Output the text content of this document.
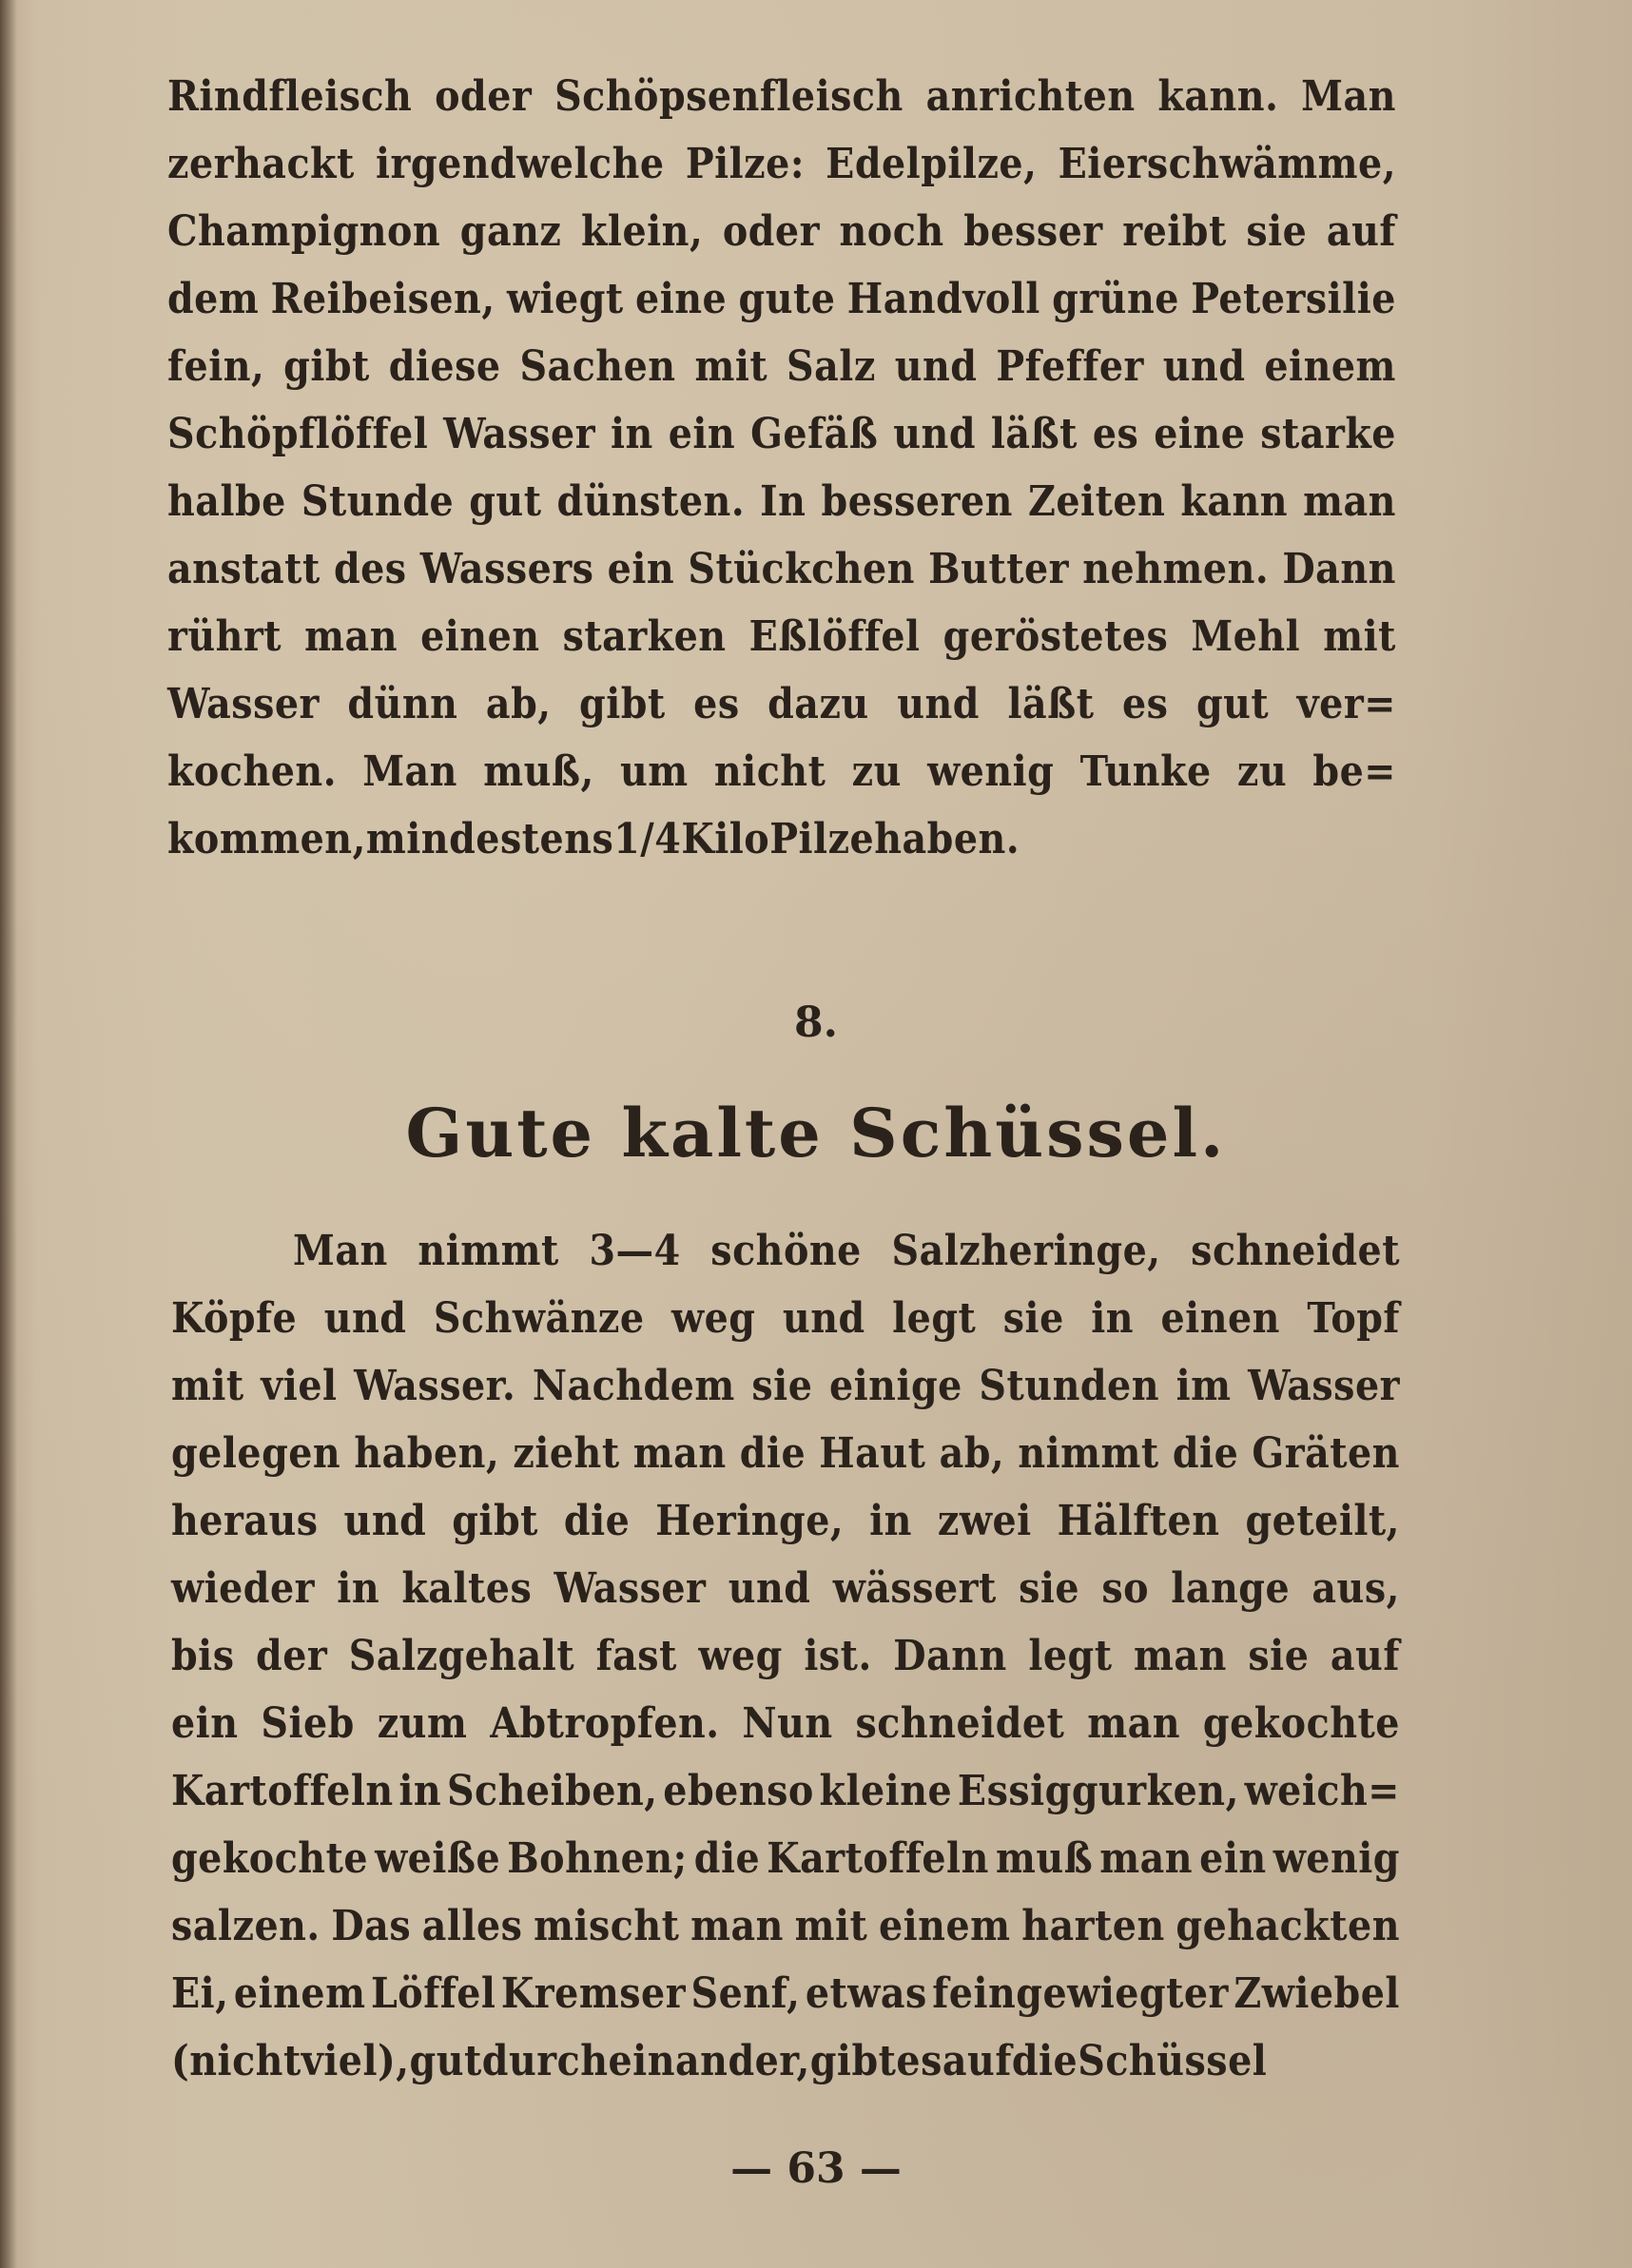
Rindfleisch oder Schöpsenfleisch anrichten kann. Man
zerhackt irgendwelche Pilze: Edelpilze, Eierschwämme,
Champignon ganz klein, oder noch besser reibt sie auf
dem Reibeisen, wiegt eine gute Handvoll grüne Petersilie
fein, gibt diese Sachen mit Salz und Pfeffer und einem
Schöpflöffel Wasser in ein Gefäß und läßt es eine starke
halbe Stunde gut dünsten. In besseren Zeiten kann man
anstatt des Wassers ein Stückchen Butter nehmen. Dann
rührt man einen starken Eßlöffel geröstetes Mehl mit
Wasser dünn ab, gibt es dazu und läßt es gut ver=
kochen. Man muß, um nicht zu wenig Tunke zu be=
kommen, mindestens 1/4 Kilo Pilze haben.
8.
Gute kalte Schüssel.
Man nimmt 3—4 schöne Salzheringe, schneidet
Köpfe und Schwänze weg und legt sie in einen Topf
mit viel Wasser. Nachdem sie einige Stunden im Wasser
gelegen haben, zieht man die Haut ab, nimmt die Gräten
heraus und gibt die Heringe, in zwei Hälften geteilt,
wieder in kaltes Wasser und wässert sie so lange aus,
bis der Salzgehalt fast weg ist. Dann legt man sie auf
ein Sieb zum Abtropfen. Nun schneidet man gekochte
Kartoffeln in Scheiben, ebenso kleine Essiggurken, weich=
gekochte weiße Bohnen; die Kartoffeln muß man ein wenig
salzen. Das alles mischt man mit einem harten gehackten
Ei, einem Löffel Kremser Senf, etwas feingewiegter Zwiebel
(nicht viel), gut durcheinander, gibt es auf die Schüssel
— 63 —
